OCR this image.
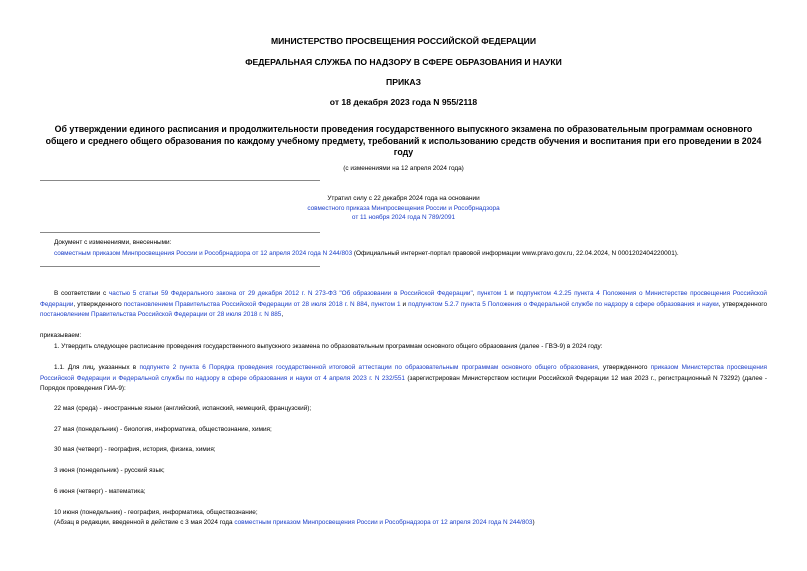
МИНИСТЕРСТВО ПРОСВЕЩЕНИЯ РОССИЙСКОЙ ФЕДЕРАЦИИ
ФЕДЕРАЛЬНАЯ СЛУЖБА ПО НАДЗОРУ В СФЕРЕ ОБРАЗОВАНИЯ И НАУКИ
ПРИКАЗ
от 18 декабря 2023 года N 955/2118
Об утверждении единого расписания и продолжительности проведения государственного выпускного экзамена по образовательным программам основного общего и среднего общего образования по каждому учебному предмету, требований к использованию средств обучения и воспитания при его проведении в 2024 году
(с изменениями на 12 апреля 2024 года)
Утратил силу с 22 декабря 2024 года на основании
совместного приказа Минпросвещения России и Рособрнадзора
от 11 ноября 2024 года N 789/2091
Документ с изменениями, внесенными:
совместным приказом Минпросвещения России и Рособрнадзора от 12 апреля 2024 года N 244/803 (Официальный интернет-портал правовой информации www.pravo.gov.ru, 22.04.2024, N 0001202404220001).
В соответствии с частью 5 статьи 59 Федерального закона от 29 декабря 2012 г. N 273-ФЗ "Об образовании в Российской Федерации", пунктом 1 и подпунктом 4.2.25 пункта 4 Положения о Министерстве просвещения Российской Федерации, утвержденного постановлением Правительства Российской Федерации от 28 июля 2018 г. N 884, пунктом 1 и подпунктом 5.2.7 пункта 5 Положения о Федеральной службе по надзору в сфере образования и науки, утвержденного постановлением Правительства Российской Федерации от 28 июля 2018 г. N 885,
приказываем:
1. Утвердить следующее расписание проведения государственного выпускного экзамена по образовательным программам основного общего образования (далее - ГВЭ-9) в 2024 году:
1.1. Для лиц, указанных в подпункте 2 пункта 6 Порядка проведения государственной итоговой аттестации по образовательным программам основного общего образования, утвержденного приказом Министерства просвещения Российской Федерации и Федеральной службы по надзору в сфере образования и науки от 4 апреля 2023 г. N 232/551 (зарегистрирован Министерством юстиции Российской Федерации 12 мая 2023 г., регистрационный N 73292) (далее - Порядок проведения ГИА-9):
22 мая (среда) - иностранные языки (английский, испанский, немецкий, французский);
27 мая (понедельник) - биология, информатика, обществознание, химия;
30 мая (четверг) - география, история, физика, химия;
3 июня (понедельник) - русский язык;
6 июня (четверг) - математика;
10 июня (понедельник) - география, информатика, обществознание;
(Абзац в редакции, введенной в действие с 3 мая 2024 года совместным приказом Минпросвещения России и Рособрнадзора от 12 апреля 2024 года N 244/803)
